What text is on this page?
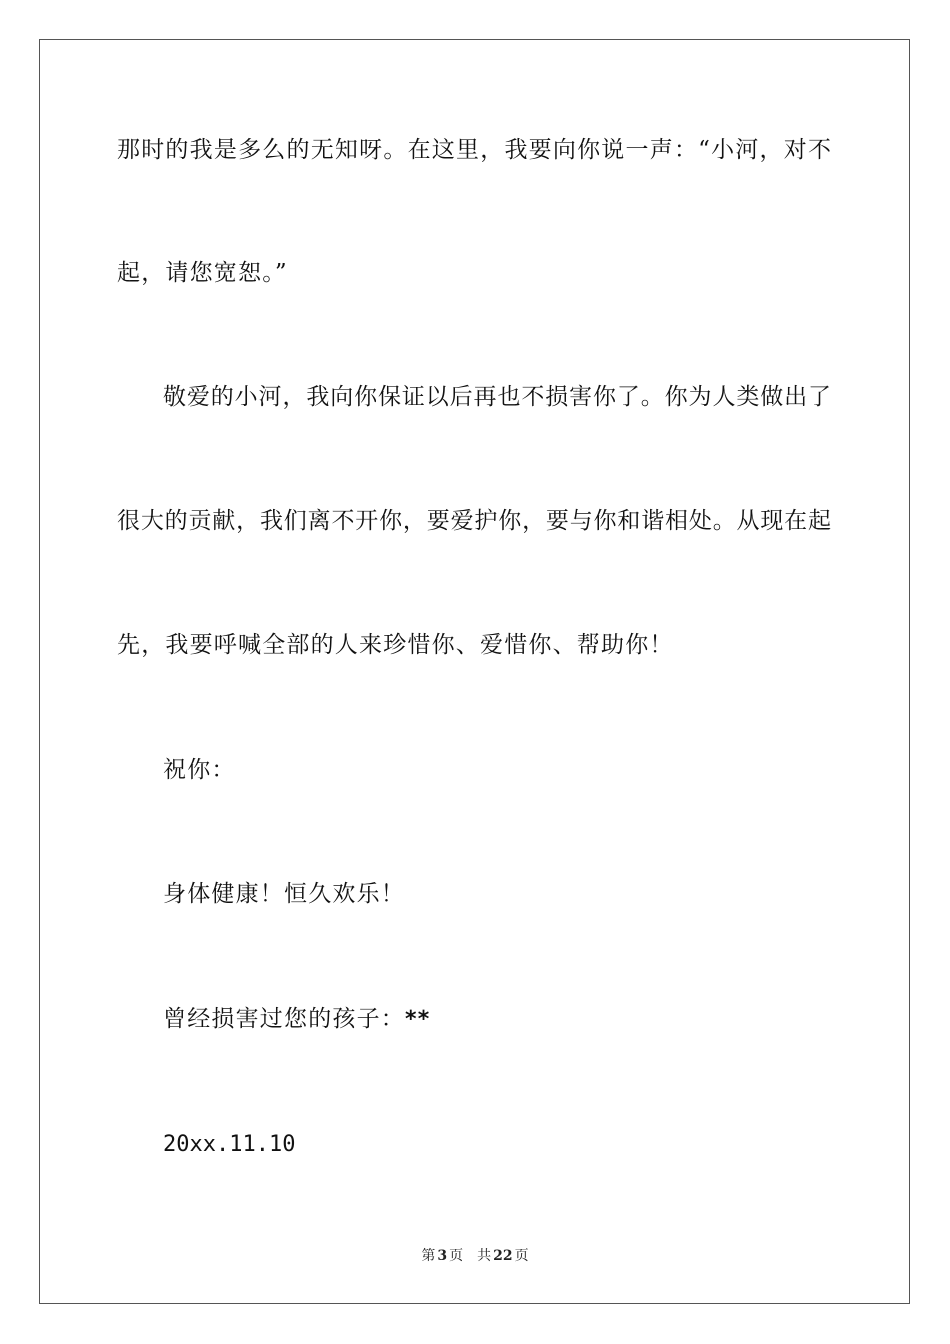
那时的我是多么的无知呀。在这里，我要向你说一声：“小河，对不
起，请您宽恕。”
敬爱的小河，我向你保证以后再也不损害你了。你为人类做出了
很大的贡献，我们离不开你，要爱护你，要与你和谐相处。从现在起
先，我要呼喊全部的人来珍惜你、爱惜你、帮助你！
祝你：
身体健康！恒久欢乐！
曾经损害过您的孩子：**
20xx.11.10
第 3 页 共 22 页
